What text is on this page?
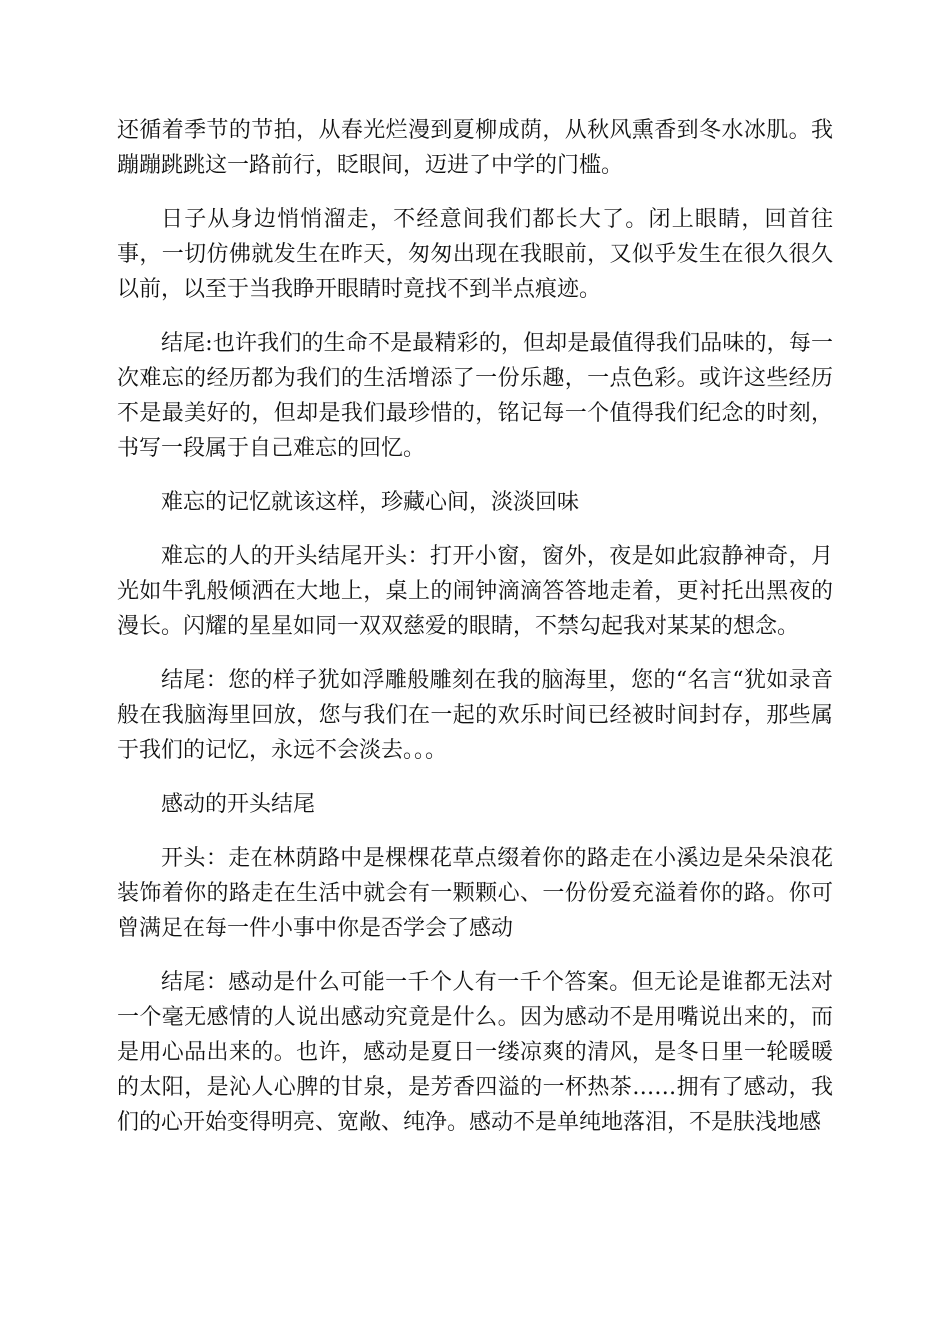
还循着季节的节拍，从春光烂漫到夏柳成荫，从秋风熏香到冬水冰肌。我蹦蹦跳跳这一路前行，眨眼间，迈进了中学的门槛。

日子从身边悄悄溜走，不经意间我们都长大了。闭上眼睛，回首往事，一切仿佛就发生在昨天，匆匆出现在我眼前，又似乎发生在很久很久以前，以至于当我睁开眼睛时竟找不到半点痕迹。

结尾:也许我们的生命不是最精彩的，但却是最值得我们品味的，每一次难忘的经历都为我们的生活增添了一份乐趣，一点色彩。或许这些经历不是最美好的，但却是我们最珍惜的，铭记每一个值得我们纪念的时刻，书写一段属于自己难忘的回忆。

难忘的记忆就该这样，珍藏心间，淡淡回味

难忘的人的开头结尾开头：打开小窗，窗外，夜是如此寂静神奇，月光如牛乳般倾洒在大地上，桌上的闹钟滴滴答答地走着，更衬托出黑夜的漫长。闪耀的星星如同一双双慈爱的眼睛，不禁勾起我对某某的想念。

结尾：您的样子犹如浮雕般雕刻在我的脑海里，您的“名言“犹如录音般在我脑海里回放，您与我们在一起的欢乐时间已经被时间封存，那些属于我们的记忆，永远不会淡去。。。

感动的开头结尾

开头：走在林荫路中是棵棵花草点缀着你的路走在小溪边是朵朵浪花装饰着你的路走在生活中就会有一颗颗心、一份份爱充溢着你的路。你可曾满足在每一件小事中你是否学会了感动

结尾：感动是什么可能一千个人有一千个答案。但无论是谁都无法对一个毫无感情的人说出感动究竟是什么。因为感动不是用嘴说出来的，而是用心品出来的。也许，感动是夏日一缕凉爽的清风，是冬日里一轮暖暖的太阳，是沁人心脾的甘泉，是芳香四溢的一杯热茶……拥有了感动，我们的心开始变得明亮、宽敞、纯净。感动不是单纯地落泪，不是肤浅地感
